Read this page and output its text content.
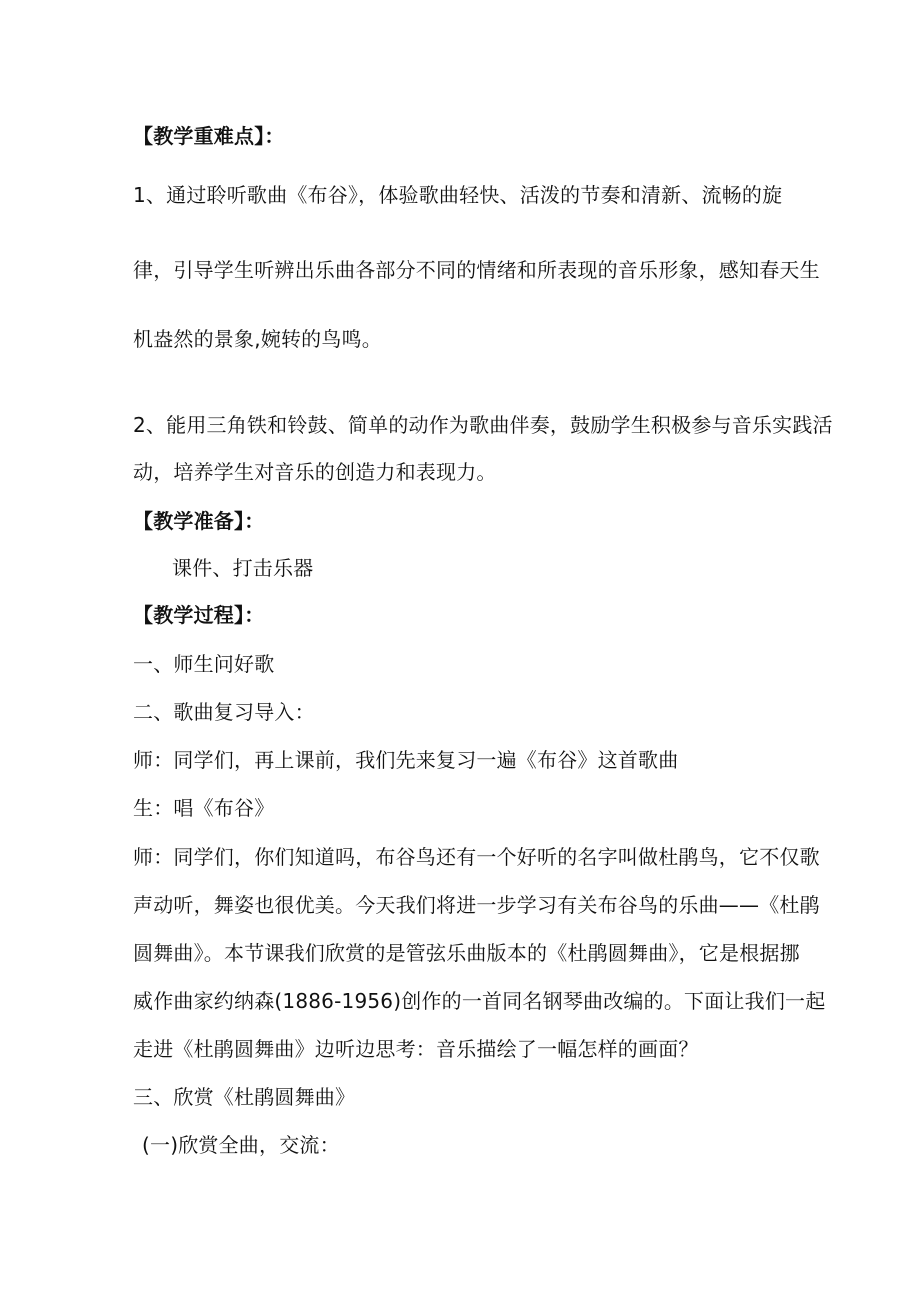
【教学重难点】：
1、通过聆听歌曲《布谷》，体验歌曲轻快、活泼的节奏和清新、流畅的旋
律，引导学生听辨出乐曲各部分不同的情绪和所表现的音乐形象，感知春天生
机盎然的景象,婉转的鸟鸣。
2、能用三角铁和铃鼓、简单的动作为歌曲伴奏，鼓励学生积极参与音乐实践活
动，培养学生对音乐的创造力和表现力。
【教学准备】：
课件、打击乐器
【教学过程】：
一、师生问好歌
二、歌曲复习导入：
师：同学们，再上课前，我们先来复习一遍《布谷》这首歌曲
生：唱《布谷》
师：同学们，你们知道吗，布谷鸟还有一个好听的名字叫做杜鹃鸟，它不仅歌
声动听，舞姿也很优美。今天我们将进一步学习有关布谷鸟的乐曲——《杜鹃
圆舞曲》。本节课我们欣赏的是管弦乐曲版本的《杜鹃圆舞曲》，它是根据挪
威作曲家约纳森(1886-1956)创作的一首同名钢琴曲改编的。下面让我们一起
走进《杜鹃圆舞曲》边听边思考：音乐描绘了一幅怎样的画面？
三、欣赏《杜鹃圆舞曲》
(一)欣赏全曲，交流：
